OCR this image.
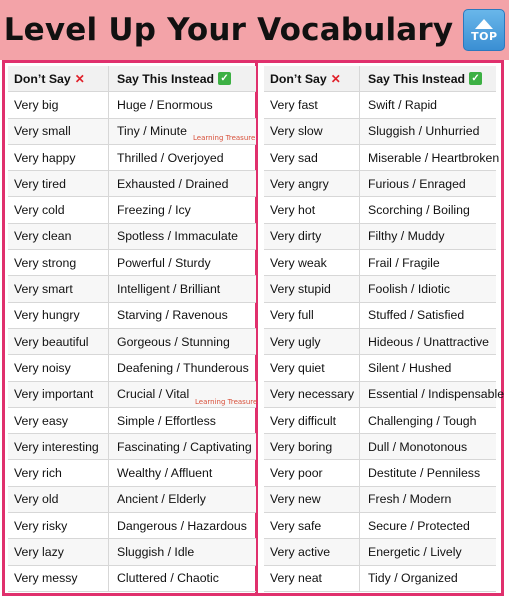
Level Up Your Vocabulary TOP
Don’t Say ✕	Say This Instead ✓
Very big	Huge / Enormous
Very small	Tiny / Minute
Very happy	Thrilled / Overjoyed
Very tired	Exhausted / Drained
Very cold	Freezing / Icy
Very clean	Spotless / Immaculate
Very strong	Powerful / Sturdy
Very smart	Intelligent / Brilliant
Very hungry	Starving / Ravenous
Very beautiful	Gorgeous / Stunning
Very noisy	Deafening / Thunderous
Very important	Crucial / Vital
Very easy	Simple / Effortless
Very interesting	Fascinating / Captivating
Very rich	Wealthy / Affluent
Very old	Ancient / Elderly
Very risky	Dangerous / Hazardous
Very lazy	Sluggish / Idle
Very messy	Cluttered / Chaotic
Don’t Say ✕ Say This Instead ✓
Very fast	Swift / Rapid
Very slow	Sluggish / Unhurried
Very sad	Miserable / Heartbroken
Very angry	Furious / Enraged
Very hot	Scorching / Boiling
Very dirty	Filthy / Muddy
Very weak	Frail / Fragile
Very stupid	Foolish / Idiotic
Very full	Stuffed / Satisfied
Very ugly	Hideous / Unattractive
Very quiet	Silent / Hushed
Very necessary	Essential / Indispensable
Very difficult	Challenging / Tough
Very boring	Dull / Monotonous
Very poor	Destitute / Penniless
Very new	Fresh / Modern
Very safe	Secure / Protected
Very active	Energetic / Lively
Very neat	Tidy / Organized
Learning Treasure
Learning Treasure
